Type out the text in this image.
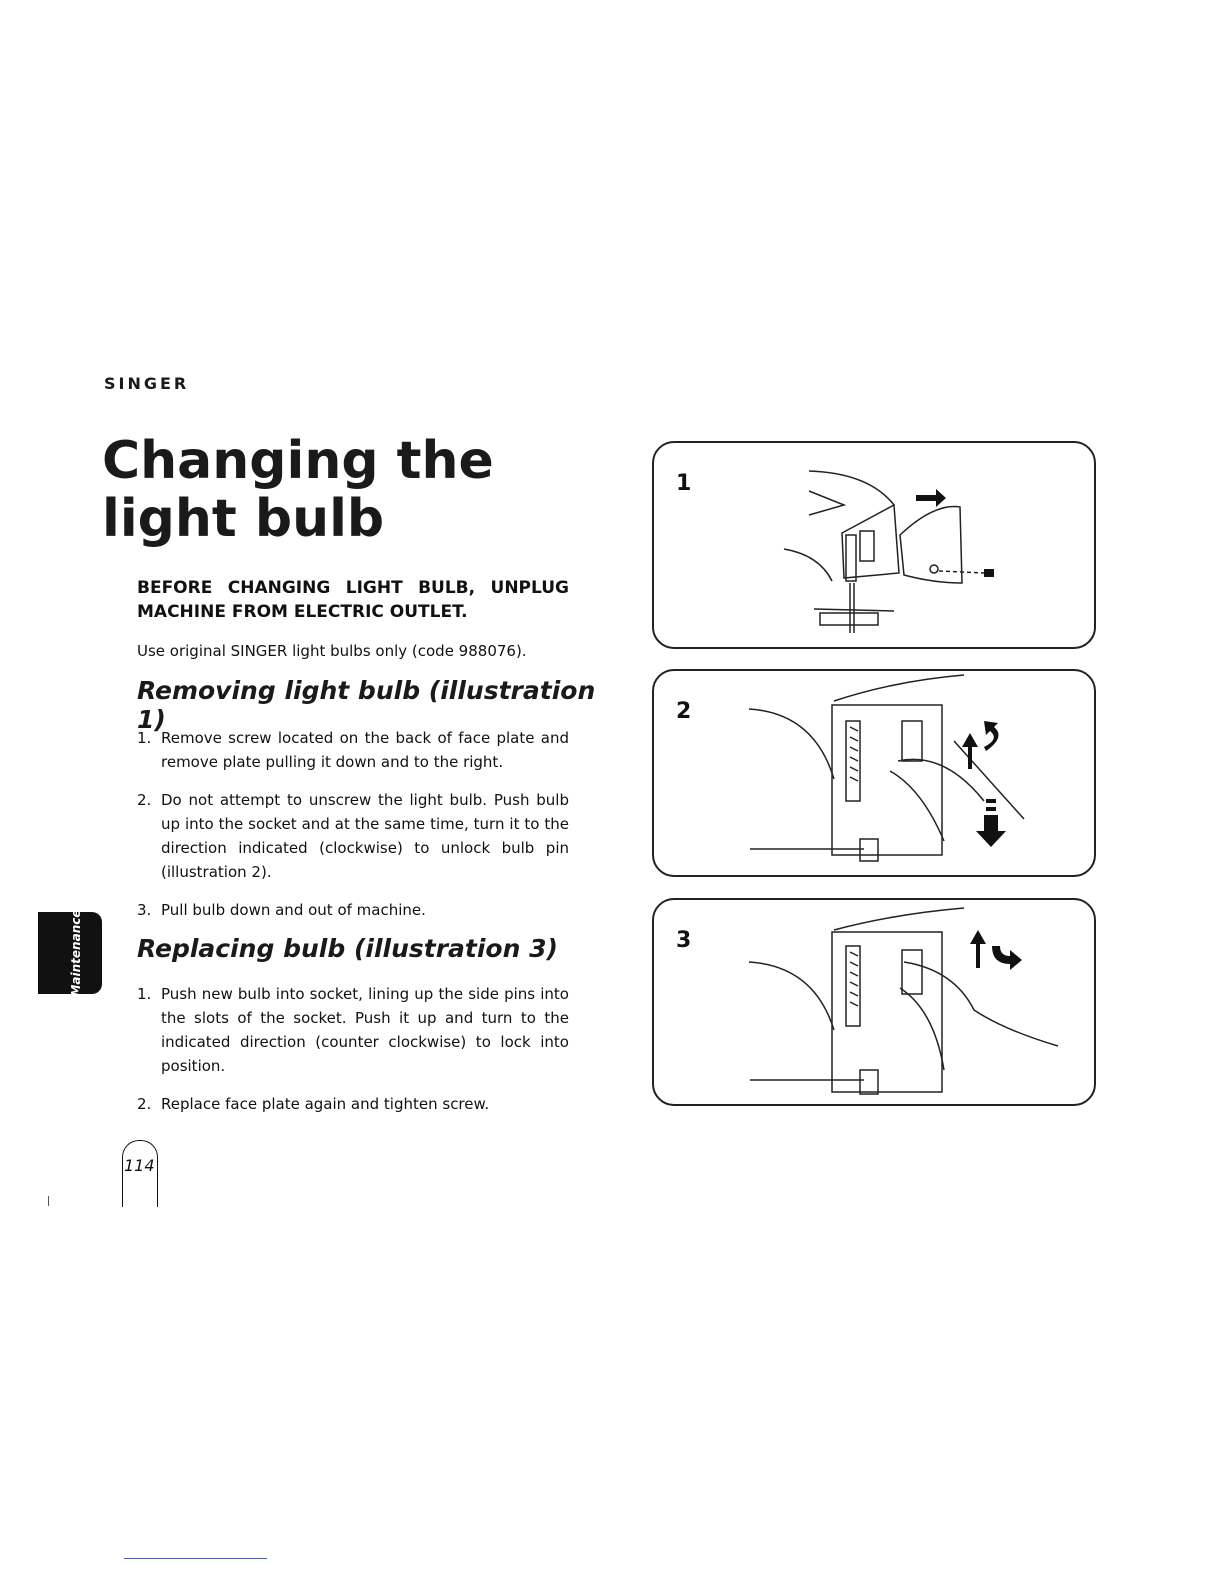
SINGER
Changing the light bulb

BEFORE CHANGING LIGHT BULB, UNPLUG MACHINE FROM ELECTRIC OUTLET.

Use original SINGER light bulbs only (code 988076).

Removing light bulb (illustration 1)
1. Remove screw located on the back of face plate and remove plate pulling it down and to the right.
2. Do not attempt to unscrew the light bulb. Push bulb up into the socket and at the same time, turn it to the direction indicated (clockwise) to unlock bulb pin (illustration 2).
3. Pull bulb down and out of machine.
Replacing bulb (illustration 3)
1. Push new bulb into socket, lining up the side pins into the slots of the socket. Push it up and turn to the indicated direction (counter clockwise) to lock into position.
2. Replace face plate again and tighten screw.
Maintenance
114
1
2
3
